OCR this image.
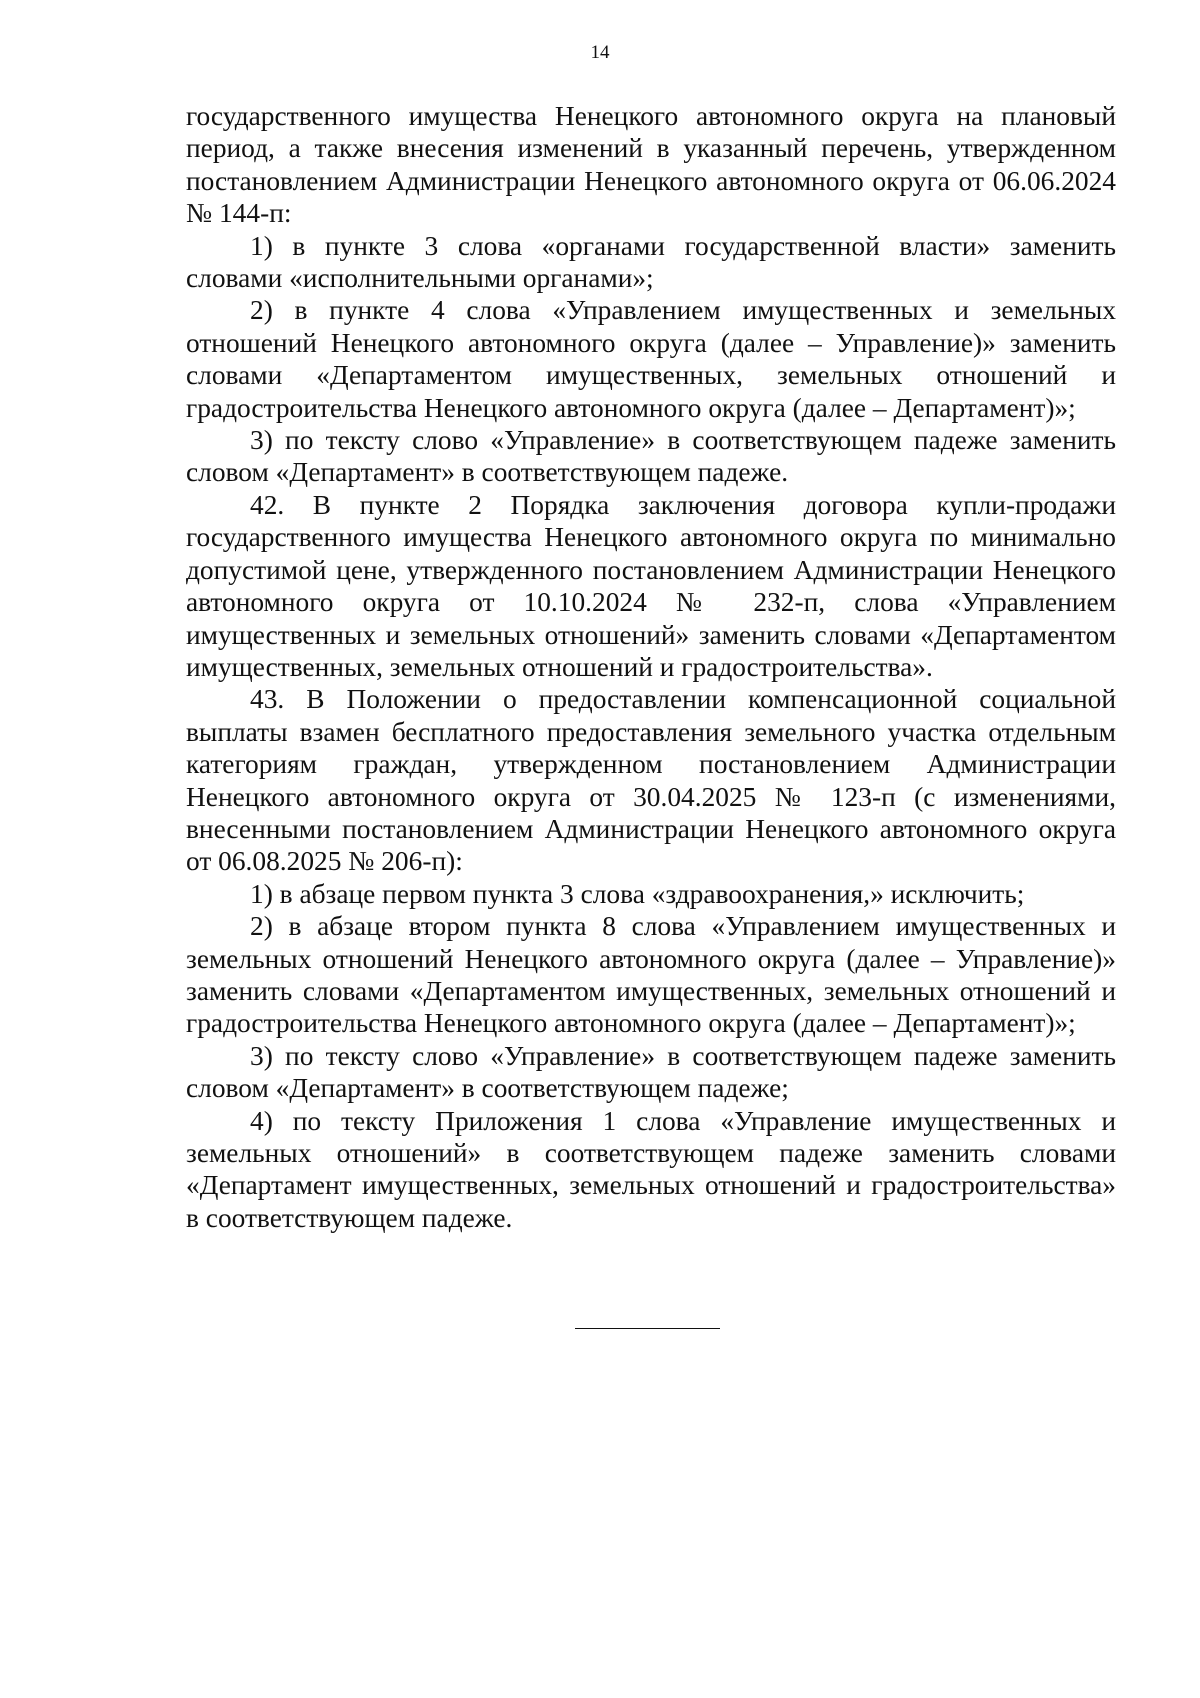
14

государственного имущества Ненецкого автономного округа на плановый период, а также внесения изменений в указанный перечень, утвержденном постановлением Администрации Ненецкого автономного округа от 06.06.2024 № 144-п:

1) в пункте 3 слова «органами государственной власти» заменить словами «исполнительными органами»;

2) в пункте 4 слова «Управлением имущественных и земельных отношений Ненецкого автономного округа (далее – Управление)» заменить словами «Департаментом имущественных, земельных отношений и градостроительства Ненецкого автономного округа (далее – Департамент)»;

3) по тексту слово «Управление» в соответствующем падеже заменить словом «Департамент» в соответствующем падеже.

42. В пункте 2 Порядка заключения договора купли-продажи государственного имущества Ненецкого автономного округа по минимально допустимой цене, утвержденного постановлением Администрации Ненецкого автономного округа от 10.10.2024 № 232-п, слова «Управлением имущественных и земельных отношений» заменить словами «Департаментом имущественных, земельных отношений и градостроительства».

43. В Положении о предоставлении компенсационной социальной выплаты взамен бесплатного предоставления земельного участка отдельным категориям граждан, утвержденном постановлением Администрации Ненецкого автономного округа от 30.04.2025 № 123-п (с изменениями, внесенными постановлением Администрации Ненецкого автономного округа от 06.08.2025 № 206-п):

1) в абзаце первом пункта 3 слова «здравоохранения,» исключить;

2) в абзаце втором пункта 8 слова «Управлением имущественных и земельных отношений Ненецкого автономного округа (далее – Управление)» заменить словами «Департаментом имущественных, земельных отношений и градостроительства Ненецкого автономного округа (далее – Департамент)»;

3) по тексту слово «Управление» в соответствующем падеже заменить словом «Департамент» в соответствующем падеже;

4) по тексту Приложения 1 слова «Управление имущественных и земельных отношений» в соответствующем падеже заменить словами «Департамент имущественных, земельных отношений и градостроительства» в соответствующем падеже.
